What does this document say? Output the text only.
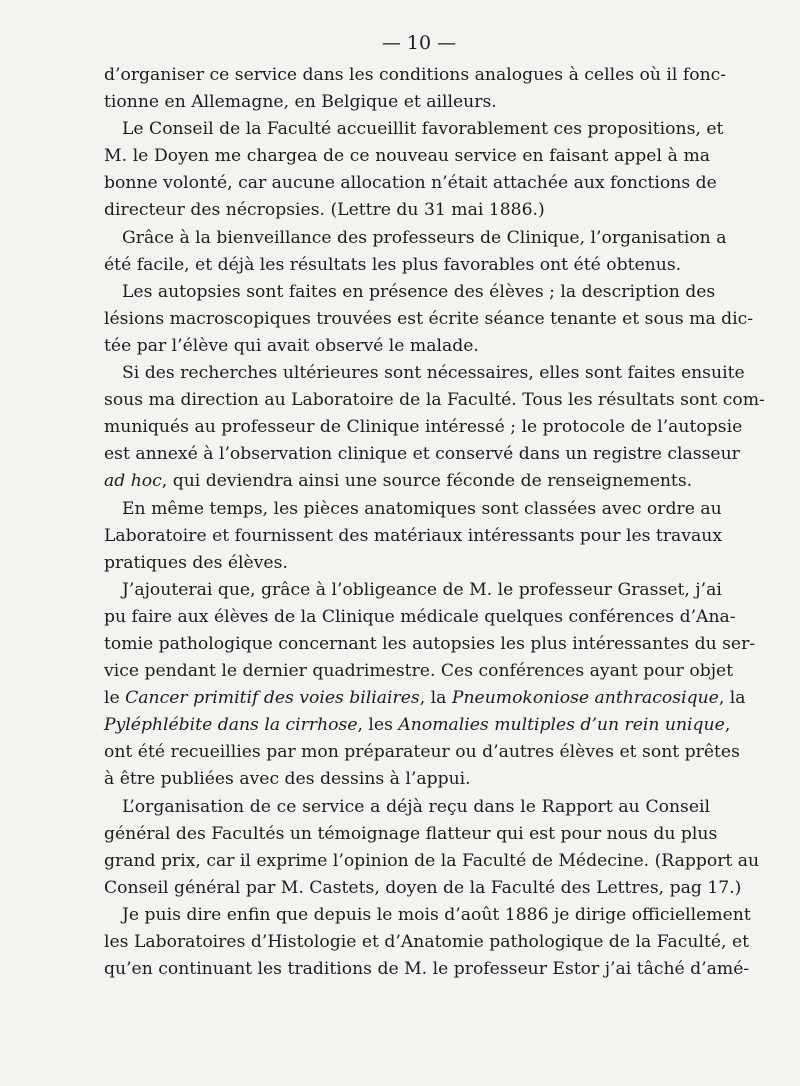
— 10 —
d’organiser ce service dans les conditions analogues à celles où il fonc-
tionne en Allemagne, en Belgique et ailleurs.
Le Conseil de la Faculté accueillit favorablement ces propositions, et
M. le Doyen me chargea de ce nouveau service en faisant appel à ma
bonne volonté, car aucune allocation n’était attachée aux fonctions de
directeur des nécropsies. (Lettre du 31 mai 1886.)
Grâce à la bienveillance des professeurs de Clinique, l’organisation a
été facile, et déjà les résultats les plus favorables ont été obtenus.
Les autopsies sont faites en présence des élèves ; la description des
lésions macroscopiques trouvées est écrite séance tenante et sous ma dic-
tée par l’élève qui avait observé le malade.
Si des recherches ultérieures sont nécessaires, elles sont faites ensuite
sous ma direction au Laboratoire de la Faculté. Tous les résultats sont com-
muniqués au professeur de Clinique intéressé ; le protocole de l’autopsie
est annexé à l’observation clinique et conservé dans un registre classeur
ad hoc, qui deviendra ainsi une source féconde de renseignements.
En même temps, les pièces anatomiques sont classées avec ordre au
Laboratoire et fournissent des matériaux intéressants pour les travaux
pratiques des élèves.
J’ajouterai que, grâce à l’obligeance de M. le professeur Grasset, j’ai
pu faire aux élèves de la Clinique médicale quelques conférences d’Ana-
tomie pathologique concernant les autopsies les plus intéressantes du ser-
vice pendant le dernier quadrimestre. Ces conférences ayant pour objet
le Cancer primitif des voies biliaires, la Pneumokoniose anthracosique, la
Pyléphlébite dans la cirrhose, les Anomalies multiples d’un rein unique,
ont été recueillies par mon préparateur ou d’autres élèves et sont prêtes
à être publiées avec des dessins à l’appui.
L’organisation de ce service a déjà reçu dans le Rapport au Conseil
général des Facultés un témoignage flatteur qui est pour nous du plus
grand prix, car il exprime l’opinion de la Faculté de Médecine. (Rapport au
Conseil général par M. Castets, doyen de la Faculté des Lettres, pag 17.)
Je puis dire enfin que depuis le mois d’août 1886 je dirige officiellement
les Laboratoires d’Histologie et d’Anatomie pathologique de la Faculté, et
qu’en continuant les traditions de M. le professeur Estor j’ai tâché d’amé-
